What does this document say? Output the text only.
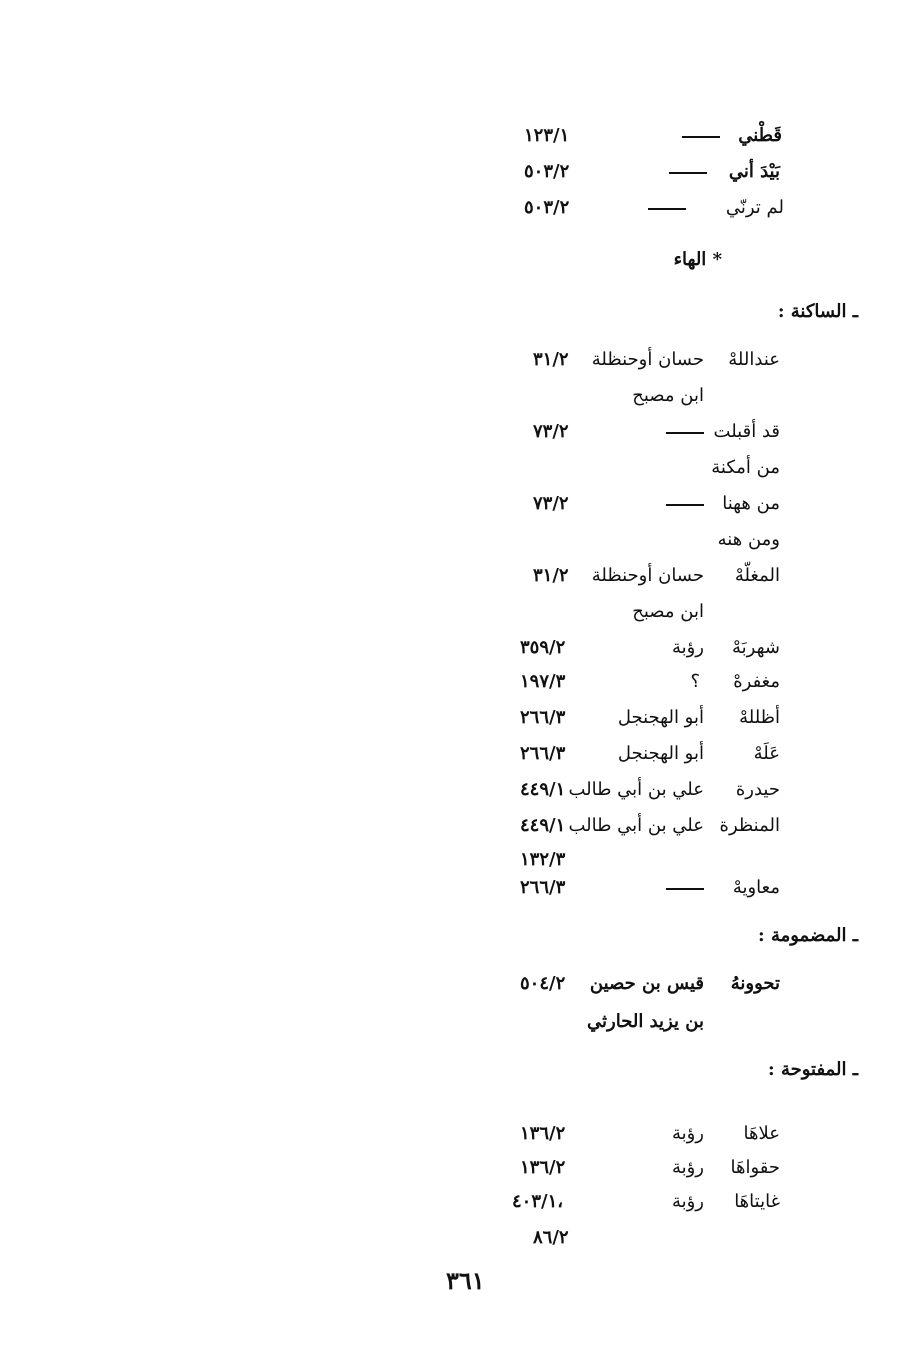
قَطْني
١٢٣/١
بَيْدَ أني
٥٠٣/٢
لم ترنّي
٥٠٣/٢
* الهاء
ـ الساكنة :
عنداللهْ
حسان أوحنظلة
٣١/٢
ابن مصبح
قد أقبلت
٧٣/٢
من أمكنة
من ههنا
٧٣/٢
ومن هنه
المغلّهْ
حسان أوحنظلة
٣١/٢
ابن مصبح
شهربَهْ
رؤبة
٣٥٩/٢
مغفرهْ
؟
١٩٧/٣
أظللهْ
أبو الهجنجل
٢٦٦/٣
عَلَهْ
أبو الهجنجل
٢٦٦/٣
حيدرة
علي بن أبي طالب
٤٤٩/١
المنظرة
علي بن أبي طالب
٤٤٩/١
١٣٢/٣
معاويهْ
٢٦٦/٣
ـ المضمومة :
تحوونهُ
قيس بن حصين
٥٠٤/٢
بن يزيد الحارثي
ـ المفتوحة :
علاهَا
رؤبة
١٣٦/٢
حقواهَا
رؤبة
١٣٦/٢
غايتاهَا
رؤبة
٤٠٣/١،
٨٦/٢
٣٦١
